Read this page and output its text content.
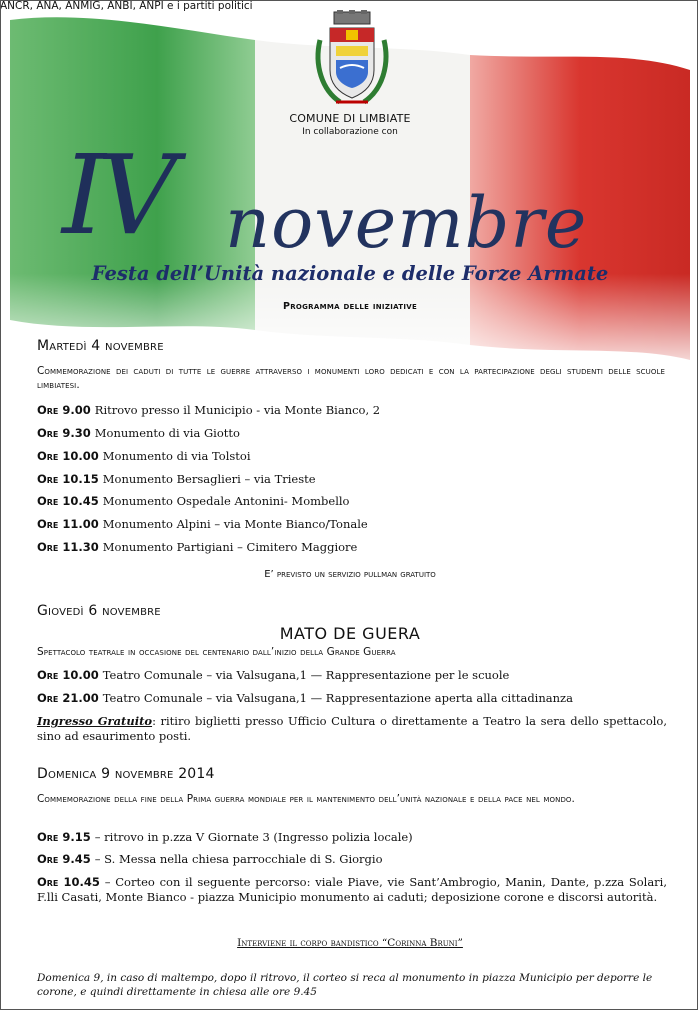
COMUNE DI LIMBIATE
In collaborazione con
IV novembre
Festa dell’Unità nazionale e delle Forze Armate
Programma delle iniziative
Martedì 4 novembre
Commemorazione dei caduti di tutte le guerre attraverso i monumenti loro dedicati e con la partecipazione degli studenti delle scuole limbiatesi.
Ore 9.00 Ritrovo presso il Municipio - via Monte Bianco, 2
Ore 9.30 Monumento di via Giotto
Ore 10.00 Monumento di via Tolstoi
Ore 10.15 Monumento Bersaglieri – via Trieste
Ore 10.45 Monumento Ospedale Antonini- Mombello
Ore 11.00 Monumento Alpini – via Monte Bianco/Tonale
Ore 11.30 Monumento Partigiani – Cimitero Maggiore
E’ previsto un servizio pullman gratuito
Giovedì 6 novembre
MATO DE GUERA
Spettacolo teatrale in occasione del centenario dall’inizio della Grande Guerra
Ore 10.00 Teatro Comunale – via Valsugana,1 — Rappresentazione per le scuole
Ore 21.00 Teatro Comunale – via Valsugana,1 — Rappresentazione aperta alla cittadinanza
Ingresso Gratuito: ritiro biglietti presso Ufficio Cultura o direttamente a Teatro la sera dello spettacolo, sino ad esaurimento posti.
Domenica 9 novembre 2014
Commemorazione della fine della Prima guerra mondiale per il mantenimento dell’unità nazionale e della pace nel mondo.
Ore 9.15 – ritrovo in p.zza V Giornate 3 (Ingresso polizia locale)
Ore 9.45 – S. Messa nella chiesa parrocchiale di S. Giorgio
Ore 10.45 – Corteo con il seguente percorso: viale Piave, vie Sant’Ambrogio, Manin, Dante, p.zza Solari, F.lli Casati, Monte Bianco - piazza Municipio monumento ai caduti; deposizione corone e discorsi autorità.
Interviene il corpo bandistico “Corinna Bruni”
Domenica 9, in caso di maltempo, dopo il ritrovo, il corteo si reca al monumento in piazza Municipio per deporre le corone, e quindi direttamente in chiesa alle ore 9.45
